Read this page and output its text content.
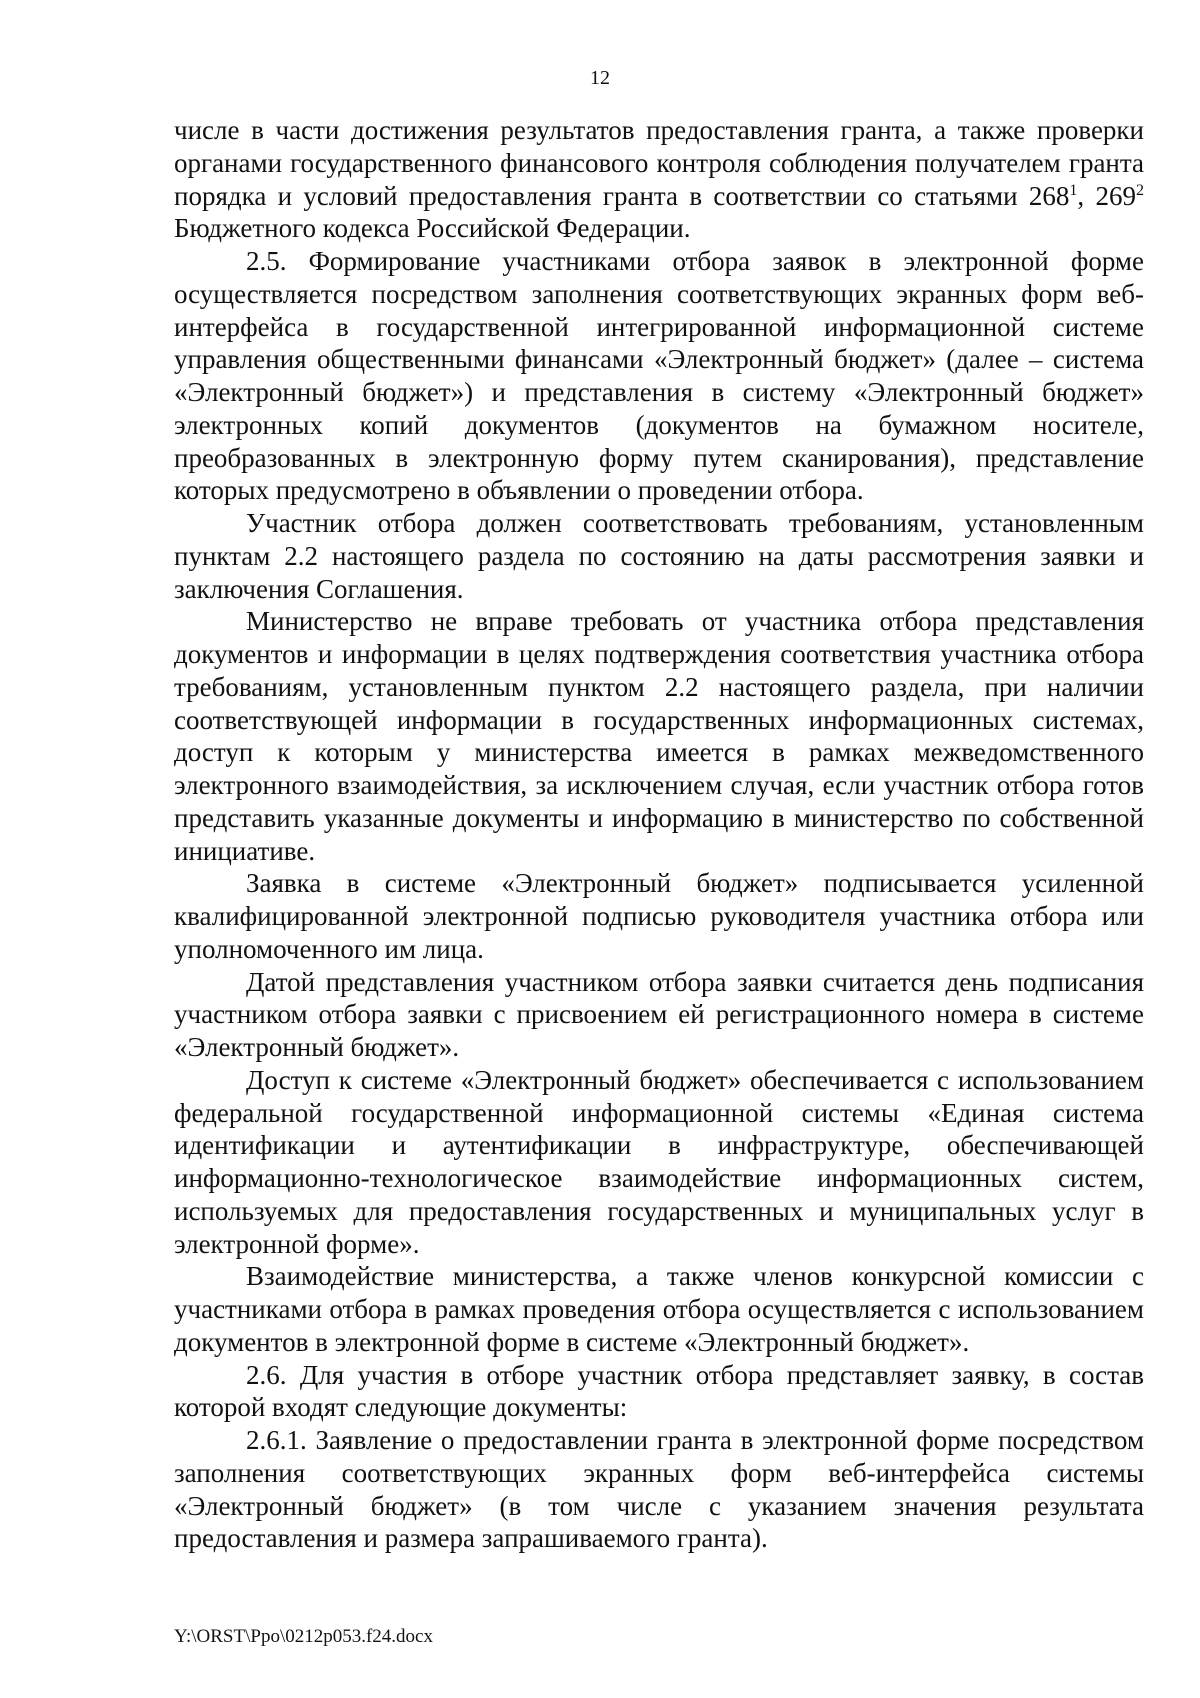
12

числе в части достижения результатов предоставления гранта, а также проверки органами государственного финансового контроля соблюдения получателем гранта порядка и условий предоставления гранта в соответствии со статьями $268^1$, $269^2$ Бюджетного кодекса Российской Федерации.

2.5. Формирование участниками отбора заявок в электронной форме осуществляется посредством заполнения соответствующих экранных форм веб-интерфейса в государственной интегрированной информационной системе управления общественными финансами «Электронный бюджет» (далее – система «Электронный бюджет») и представления в систему «Электронный бюджет» электронных копий документов (документов на бумажном носителе, преобразованных в электронную форму путем сканирования), представление которых предусмотрено в объявлении о проведении отбора.

Участник отбора должен соответствовать требованиям, установленным пунктам 2.2 настоящего раздела по состоянию на даты рассмотрения заявки и заключения Соглашения.

Министерство не вправе требовать от участника отбора представления документов и информации в целях подтверждения соответствия участника отбора требованиям, установленным пунктом 2.2 настоящего раздела, при наличии соответствующей информации в государственных информационных системах, доступ к которым у министерства имеется в рамках межведомственного электронного взаимодействия, за исключением случая, если участник отбора готов представить указанные документы и информацию в министерство по собственной инициативе.

Заявка в системе «Электронный бюджет» подписывается усиленной квалифицированной электронной подписью руководителя участника отбора или уполномоченного им лица.

Датой представления участником отбора заявки считается день подписания участником отбора заявки с присвоением ей регистрационного номера в системе «Электронный бюджет».

Доступ к системе «Электронный бюджет» обеспечивается с использованием федеральной государственной информационной системы «Единая система идентификации и аутентификации в инфраструктуре, обеспечивающей информационно-технологическое взаимодействие информационных систем, используемых для предоставления государственных и муниципальных услуг в электронной форме».

Взаимодействие министерства, а также членов конкурсной комиссии с участниками отбора в рамках проведения отбора осуществляется с использованием документов в электронной форме в системе «Электронный бюджет».

2.6. Для участия в отборе участник отбора представляет заявку, в состав которой входят следующие документы:

2.6.1. Заявление о предоставлении гранта в электронной форме посредством заполнения соответствующих экранных форм веб-интерфейса системы «Электронный бюджет» (в том числе с указанием значения результата предоставления и размера запрашиваемого гранта).

Y:\ORST\Ppo\0212p053.f24.docx
